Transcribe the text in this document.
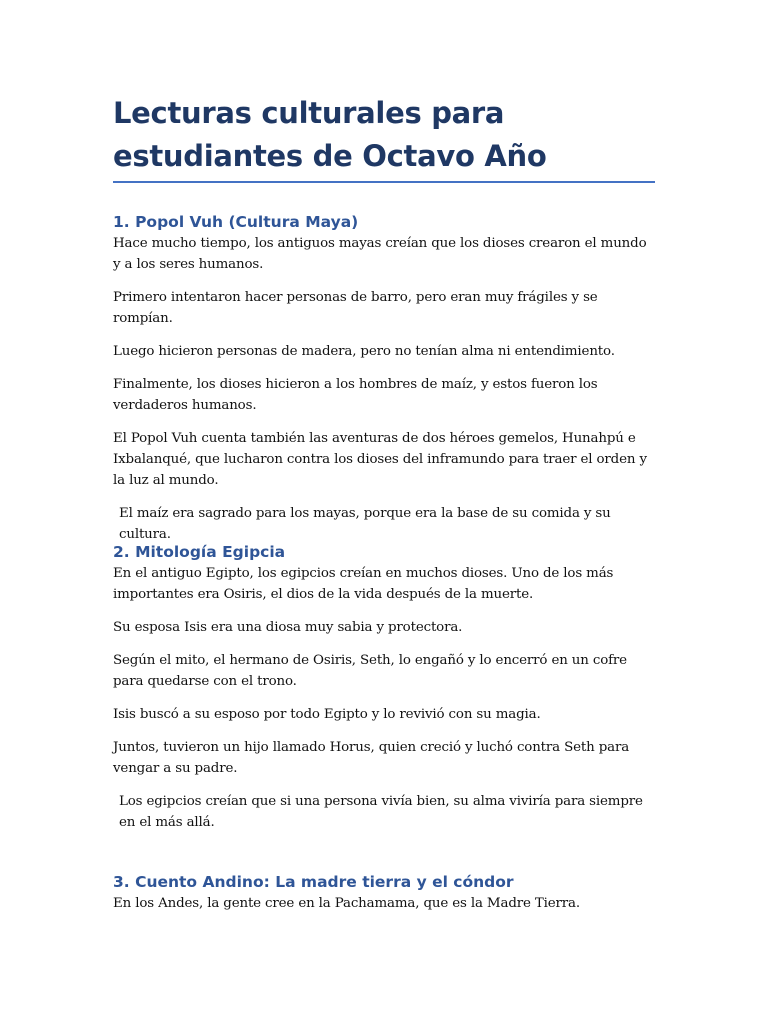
Lecturas culturales para estudiantes de Octavo Año
1. Popol Vuh (Cultura Maya)

Hace mucho tiempo, los antiguos mayas creían que los dioses crearon el mundo y a los seres humanos.

Primero intentaron hacer personas de barro, pero eran muy frágiles y se rompían.

Luego hicieron personas de madera, pero no tenían alma ni entendimiento.

Finalmente, los dioses hicieron a los hombres de maíz, y estos fueron los verdaderos humanos.

El Popol Vuh cuenta también las aventuras de dos héroes gemelos, Hunahpú e Ixbalanqué, que lucharon contra los dioses del inframundo para traer el orden y la luz al mundo.

El maíz era sagrado para los mayas, porque era la base de su comida y su cultura.

2. Mitología Egipcia

En el antiguo Egipto, los egipcios creían en muchos dioses. Uno de los más importantes era Osiris, el dios de la vida después de la muerte.

Su esposa Isis era una diosa muy sabia y protectora.

Según el mito, el hermano de Osiris, Seth, lo engañó y lo encerró en un cofre para quedarse con el trono.

Isis buscó a su esposo por todo Egipto y lo revivió con su magia.

Juntos, tuvieron un hijo llamado Horus, quien creció y luchó contra Seth para vengar a su padre.

Los egipcios creían que si una persona vivía bien, su alma viviría para siempre en el más allá.

3. Cuento Andino: La madre tierra y el cóndor

En los Andes, la gente cree en la Pachamama, que es la Madre Tierra.
